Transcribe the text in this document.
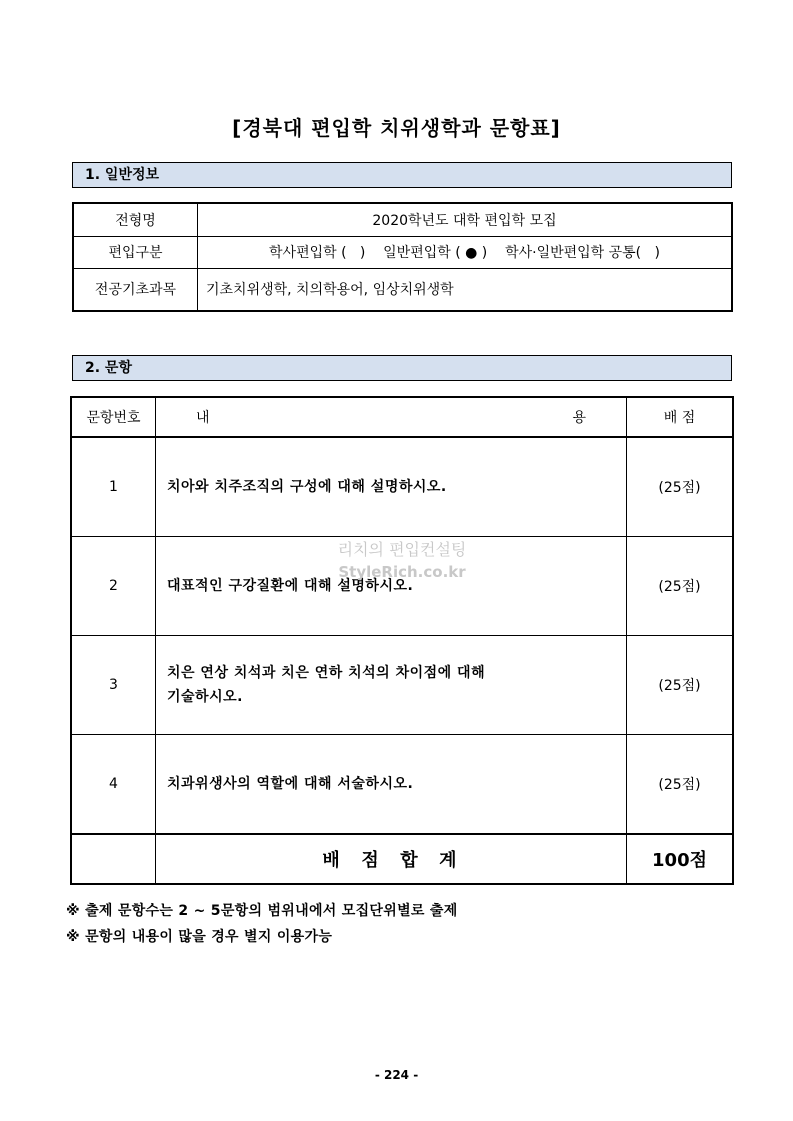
[경북대 편입학 치위생학과 문항표]
1. 일반정보
전형명	2020학년도 대학 편입학 모집
편입구분	학사편입학 (   )    일반편입학 ( ● )    학사·일반편입학 공통(   )
전공기초과목	기초치위생학, 치의학용어, 임상치위생학
2. 문항
문항번호	내 용	배 점
1	치아와 치주조직의 구성에 대해 설명하시오.	(25점)
2	대표적인 구강질환에 대해 설명하시오.	(25점)
3	치은 연상 치석과 치은 연하 치석의 차이점에 대해
기술하시오.	(25점)
4	치과위생사의 역할에 대해 서술하시오.	(25점)
	배  점  합  계	100점
※ 출제 문항수는 2 ~ 5문항의 범위내에서 모집단위별로 출제
※ 문항의 내용이 많을 경우 별지 이용가능
리치의 편입컨설팅
StyleRich.co.kr
- 224 -
